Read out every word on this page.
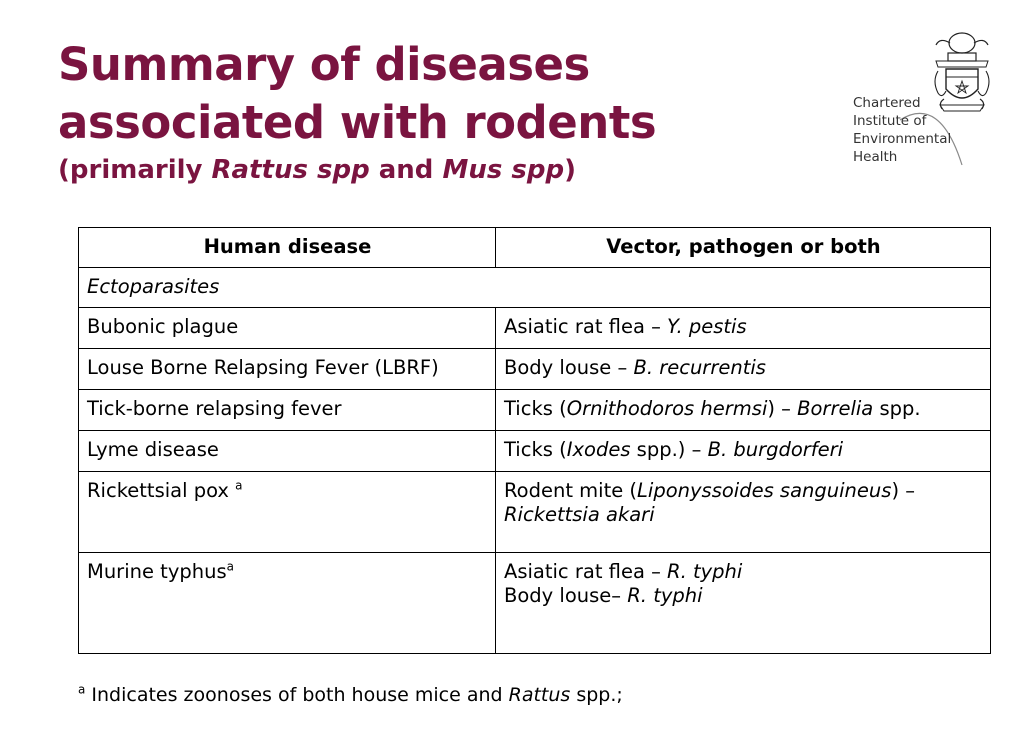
Summary of diseases
associated with rodents

(primarily Rattus spp and Mus spp)

Chartered
Institute of
Environmental
Health

Human disease	Vector, pathogen or both
Ectoparasites	
Bubonic plague	Asiatic rat flea – Y. pestis
Louse Borne Relapsing Fever (LBRF)	Body louse – B. recurrentis
Tick-borne relapsing fever	Ticks (Ornithodoros hermsi) – Borrelia spp.
Lyme disease	Ticks (Ixodes spp.) – B. burgdorferi
Rickettsial pox $^a$	Rodent mite (Liponyssoides sanguineus) – Rickettsia akari
Murine typhus$^a$	Asiatic rat flea – R. typhi
Body louse– R. typhi

$^a$ Indicates zoonoses of both house mice and Rattus spp.;
